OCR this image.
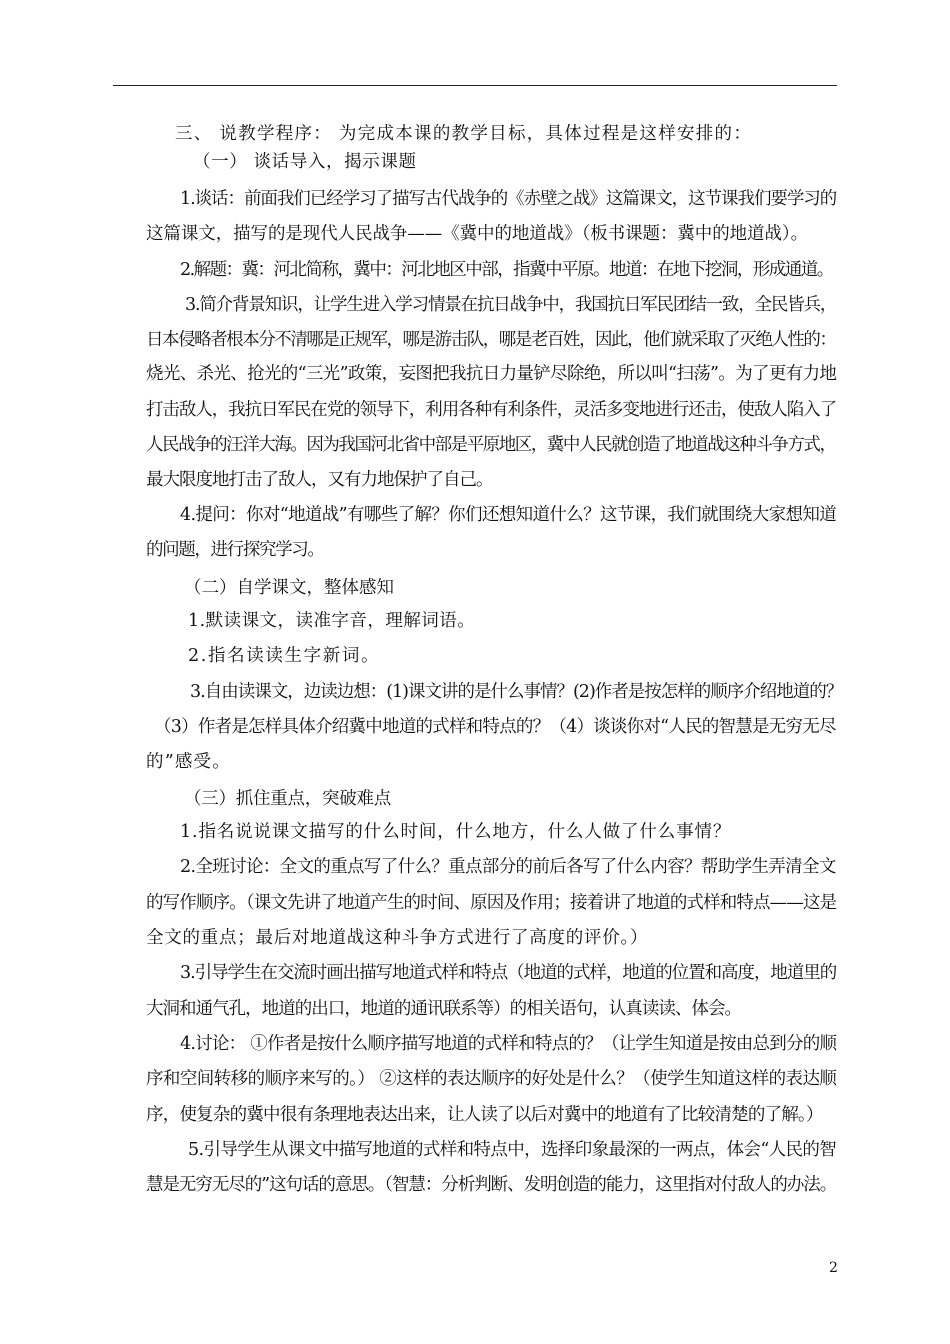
三、 说教学程序： 为完成本课的教学目标，具体过程是这样安排的：
（一） 谈话导入，揭示课题
1.谈话：前面我们已经学习了描写古代战争的《赤壁之战》这篇课文，这节课我们要学习的
这篇课文，描写的是现代人民战争——《冀中的地道战》（板书课题：冀中的地道战）。
2.解题：冀：河北简称，冀中：河北地区中部，指冀中平原。地道：在地下挖洞，形成通道。
3.简介背景知识，让学生进入学习情景在抗日战争中，我国抗日军民团结一致，全民皆兵，
日本侵略者根本分不清哪是正规军，哪是游击队，哪是老百姓，因此，他们就采取了灭绝人性的：
烧光、杀光、抢光的“三光”政策，妄图把我抗日力量铲尽除绝，所以叫“扫荡”。为了更有力地
打击敌人，我抗日军民在党的领导下，利用各种有利条件，灵活多变地进行还击，使敌人陷入了
人民战争的汪洋大海。因为我国河北省中部是平原地区，冀中人民就创造了地道战这种斗争方式，
最大限度地打击了敌人，又有力地保护了自己。
4.提问：你对“地道战”有哪些了解？你们还想知道什么？这节课，我们就围绕大家想知道
的问题，进行探究学习。
（二）自学课文，整体感知
1.默读课文，读准字音，理解词语。
2.指名读读生字新词。
3.自由读课文，边读边想：(1)课文讲的是什么事情？(2)作者是按怎样的顺序介绍地道的？
（3）作者是怎样具体介绍冀中地道的式样和特点的？（4）谈谈你对“人民的智慧是无穷无尽
的”感受。
（三）抓住重点，突破难点
1.指名说说课文描写的什么时间，什么地方，什么人做了什么事情？
2.全班讨论：全文的重点写了什么？重点部分的前后各写了什么内容？帮助学生弄清全文
的写作顺序。（课文先讲了地道产生的时间、原因及作用；接着讲了地道的式样和特点——这是
全文的重点；最后对地道战这种斗争方式进行了高度的评价。）
3.引导学生在交流时画出描写地道式样和特点（地道的式样，地道的位置和高度，地道里的
大洞和通气孔，地道的出口，地道的通讯联系等）的相关语句，认真读读、体会。
4.讨论： ①作者是按什么顺序描写地道的式样和特点的？（让学生知道是按由总到分的顺
序和空间转移的顺序来写的。） ②这样的表达顺序的好处是什么？（使学生知道这样的表达顺
序，使复杂的冀中很有条理地表达出来，让人读了以后对冀中的地道有了比较清楚的了解。）
5.引导学生从课文中描写地道的式样和特点中，选择印象最深的一两点，体会“人民的智
慧是无穷无尽的”这句话的意思。（智慧：分析判断、发明创造的能力，这里指对付敌人的办法。
2
